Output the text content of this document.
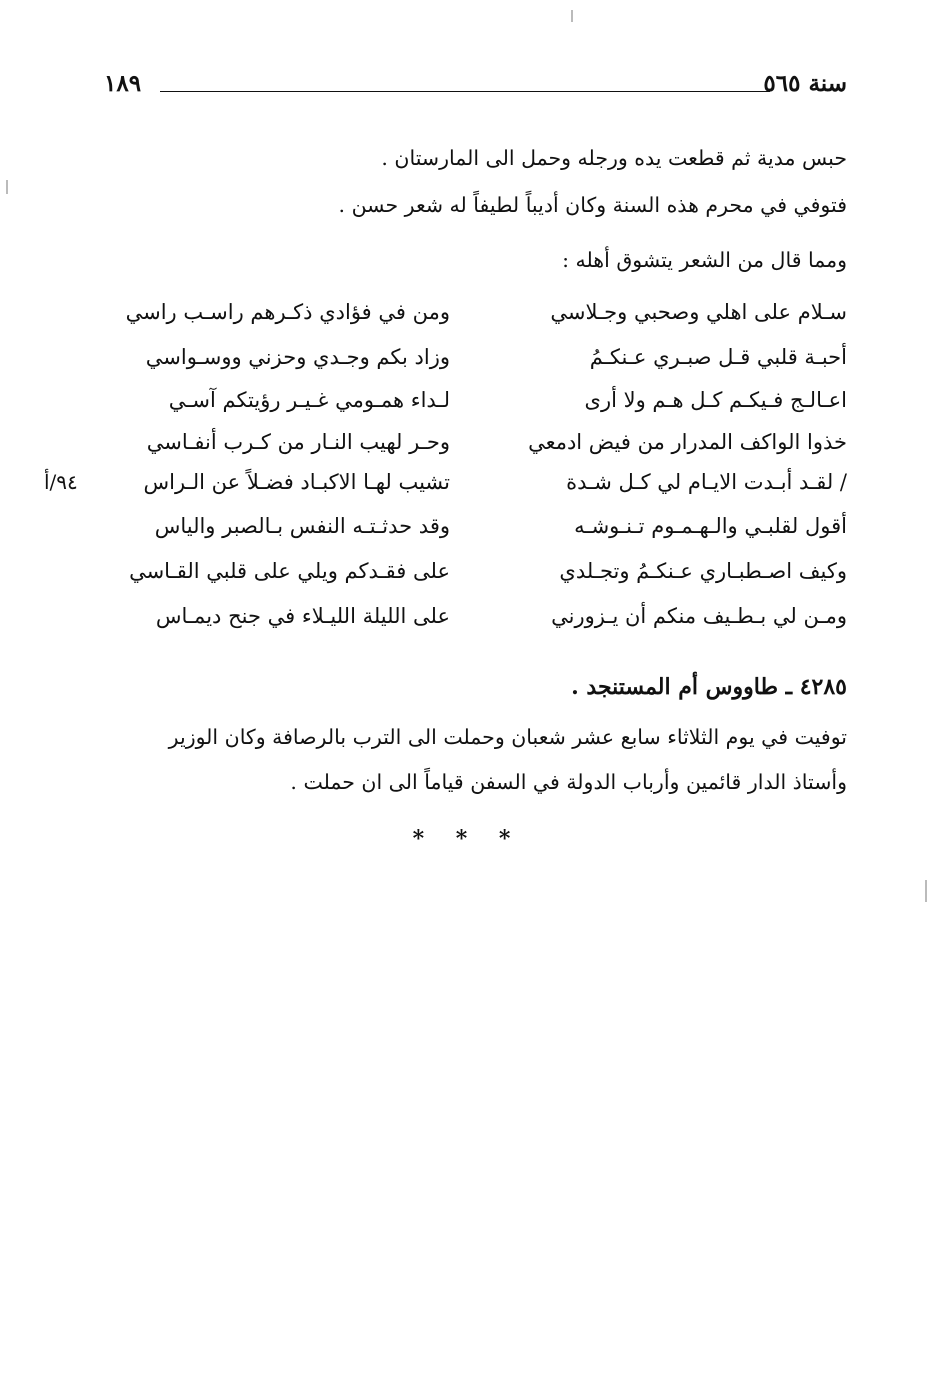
سنة ٥٦٥
١٨٩
حبس مدية ثم قطعت يده ورجله وحمل الى المارستان .
فتوفي في محرم هذه السنة وكان أديباً لطيفاً له شعر حسن .
ومما قال من الشعر يتشوق أهله :
سـلام على اهلي وصحبي وجـلاسي
ومن في فؤادي ذكـرهم راسـب راسي
أحبـة قلبي قـل صبـري عـنكـمُ
وزاد بكم وجـدي وحزني ووسـواسي
اعـالـج فـيكـم كـل هـم ولا أرى
لـداء همـومي غـيـر رؤيتكم آسـي
خذوا الواكف المدرار من فيض ادمعي
وحـر لهيب النـار من كـرب أنفـاسي
/ لقـد أبـدت الايـام لي كـل شـدة
تشيب لهـا الاكبـاد فضـلاً عن الـراس
أقول لقلبـي والـهـمـوم تـنـوشـه
وقد حدثـتـه النفس بـالصبر والياس
وكيف اصـطبـاري عـنكـمُ وتجـلدي
على فقـدكم ويلي على قلبي القـاسي
ومـن لي بـطـيف منكم أن يـزورني
على الليلة الليـلاء في جنح ديمـاس
٩٤/أ
٤٢٨٥ ـ طاووس أم المستنجد .
توفيت في يوم الثلاثاء سابع عشر شعبان وحملت الى الترب بالرصافة وكان الوزير
وأستاذ الدار قائمين وأرباب الدولة في السفن قياماً الى ان حملت .
* * *
